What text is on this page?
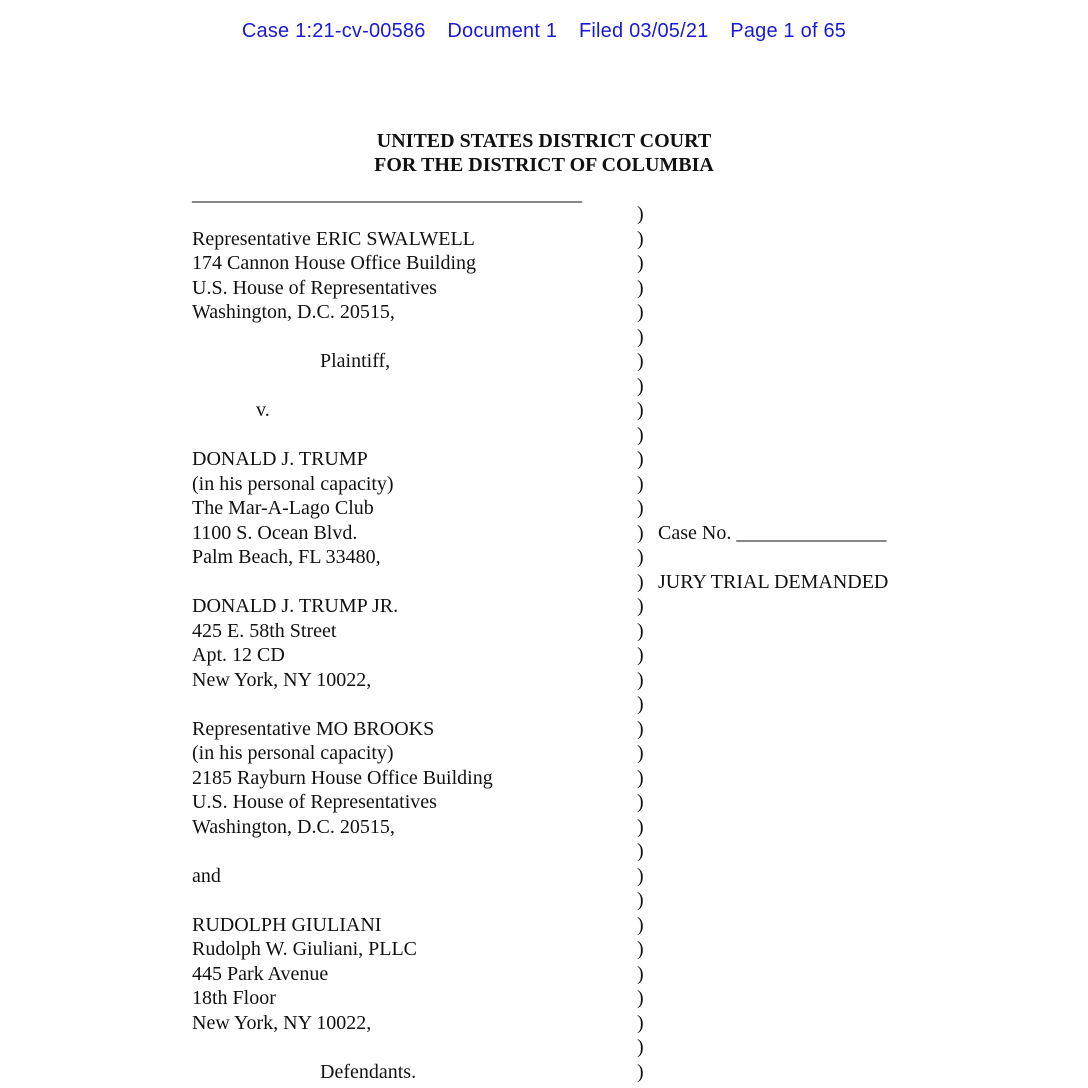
Case 1:21-cv-00586 Document 1 Filed 03/05/21 Page 1 of 65
UNITED STATES DISTRICT COURT
FOR THE DISTRICT OF COLUMBIA
_________________________________________
)
Representative ERIC SWALWELL	)
174 Cannon House Office Building	)
U.S. House of Representatives	)
Washington, D.C. 20515,	)
)
Plaintiff,	)
)
v.	)
)
DONALD J. TRUMP	)
(in his personal capacity)	)
The Mar-A-Lago Club	)
1100 S. Ocean Blvd.	)
Palm Beach, FL 33480,	)
)
DONALD J. TRUMP JR.	)
425 E. 58th Street	)
Apt. 12 CD	)
New York, NY 10022,	)
)
Representative MO BROOKS	)
(in his personal capacity)	)
2185 Rayburn House Office Building	)
U.S. House of Representatives	)
Washington, D.C. 20515,	)
)
and	)
)
RUDOLPH GIULIANI	)
Rudolph W. Giuliani, PLLC	)
445 Park Avenue	)
18th Floor	)
New York, NY 10022,	)
)
Defendants.	)
Case No. _______________
JURY TRIAL DEMANDED
